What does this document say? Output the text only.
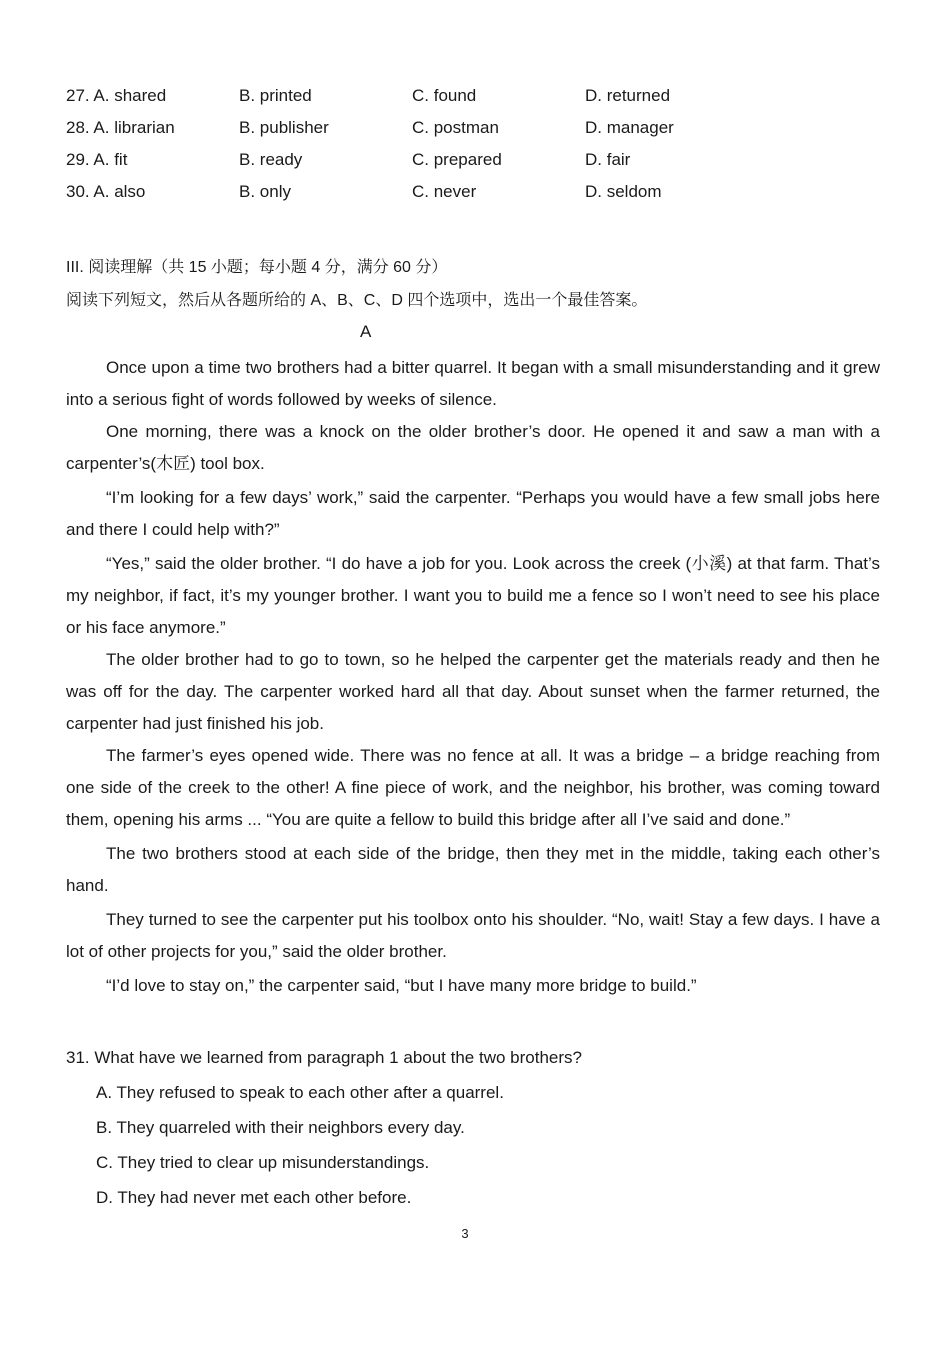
27. A. shared	B. printed	C. found	D. returned
28. A. librarian	B. publisher	C. postman	D. manager
29. A. fit	B. ready	C. prepared	D. fair
30. A. also	B. only	C. never	D. seldom
III. 阅读理解（共 15 小题；每小题 4 分，满分 60 分）
阅读下列短文，然后从各题所给的 A、B、C、D 四个选项中，选出一个最佳答案。
A

Once upon a time two brothers had a bitter quarrel. It began with a small misunderstanding and it grew into a serious fight of words followed by weeks of silence.

One morning, there was a knock on the older brother’s door. He opened it and saw a man with a carpenter’s(木匠) tool box.

“I’m looking for a few days’ work,” said the carpenter. “Perhaps you would have a few small jobs here and there I could help with?”

“Yes,” said the older brother. “I do have a job for you. Look across the creek (小溪) at that farm. That’s my neighbor, if fact, it’s my younger brother. I want you to build me a fence so I won’t need to see his place or his face anymore.”

The older brother had to go to town, so he helped the carpenter get the materials ready and then he was off for the day. The carpenter worked hard all that day. About sunset when the farmer returned, the carpenter had just finished his job.

The farmer’s eyes opened wide. There was no fence at all. It was a bridge – a bridge reaching from one side of the creek to the other! A fine piece of work, and the neighbor, his brother, was coming toward them, opening his arms ... “You are quite a fellow to build this bridge after all I’ve said and done.”

The two brothers stood at each side of the bridge, then they met in the middle, taking each other’s hand.

They turned to see the carpenter put his toolbox onto his shoulder. “No, wait! Stay a few days. I have a lot of other projects for you,” said the older brother.

“I’d love to stay on,” the carpenter said, “but I have many more bridge to build.”

31. What have we learned from paragraph 1 about the two brothers?
A. They refused to speak to each other after a quarrel.
B. They quarreled with their neighbors every day.
C. They tried to clear up misunderstandings.
D. They had never met each other before.
3
